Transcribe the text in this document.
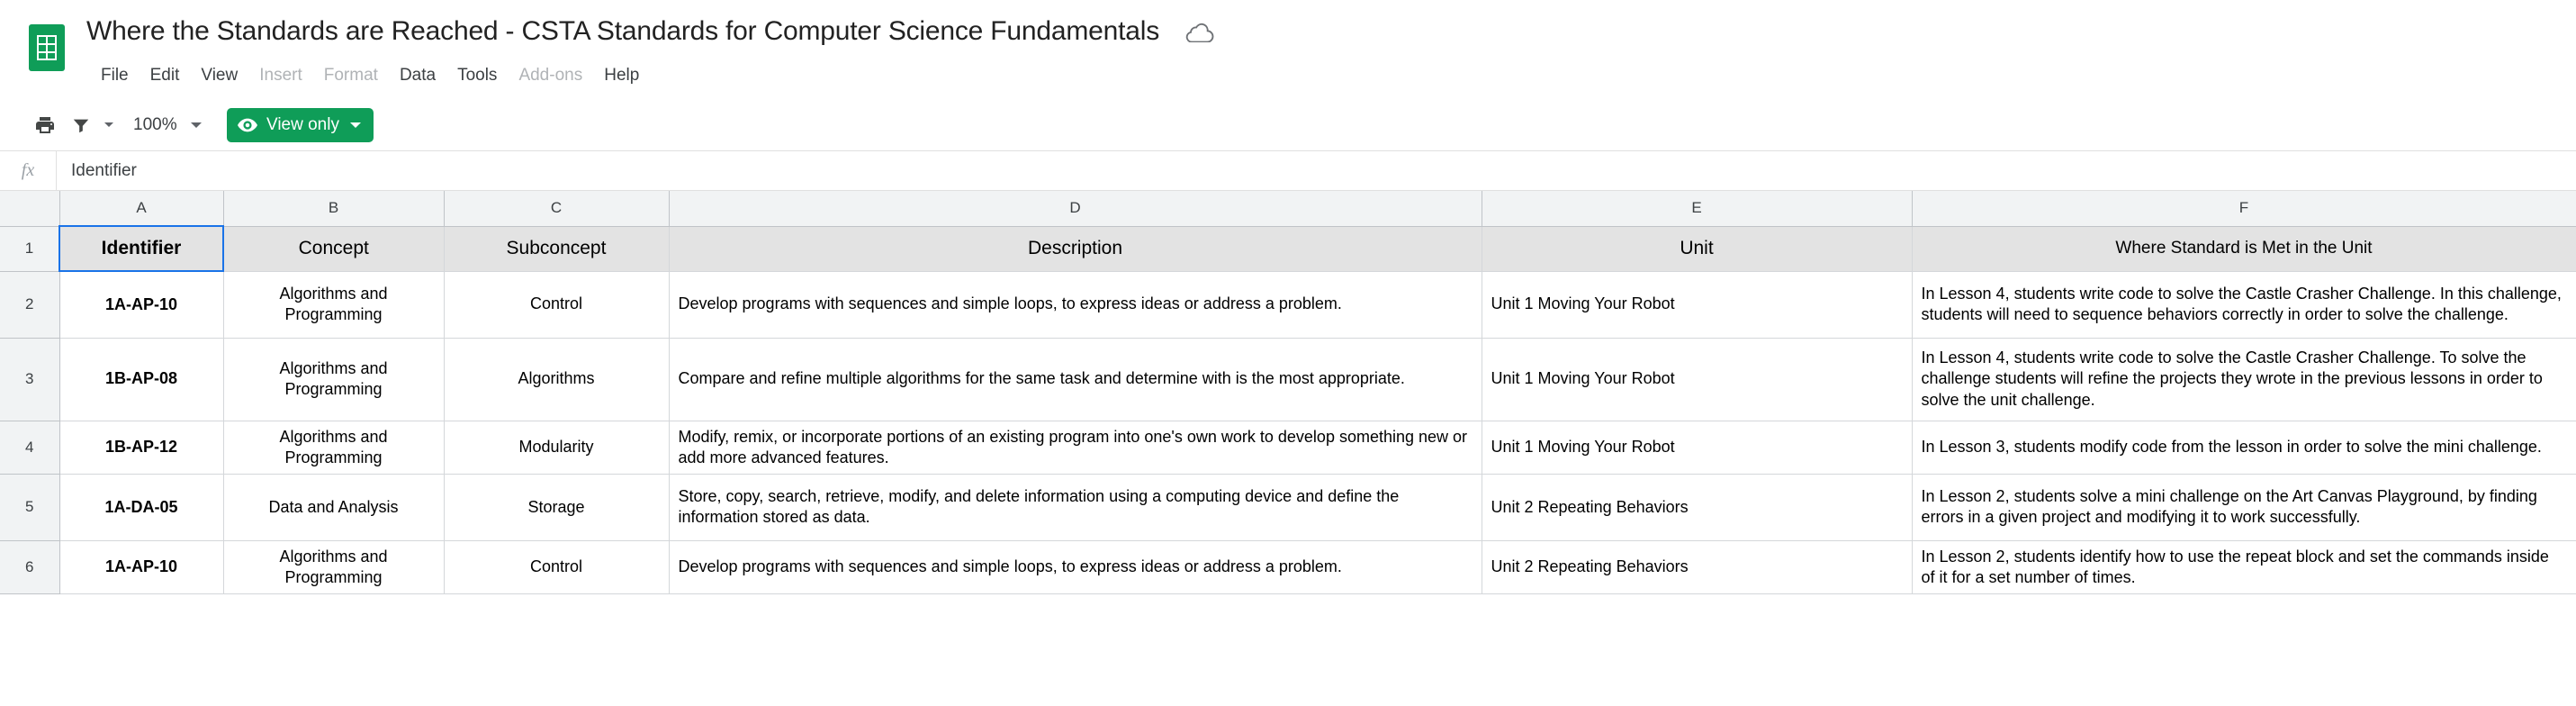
Where the Standards are Reached - CSTA Standards for Computer Science Fundamentals
File	Edit	View	Insert	Format	Data	Tools	Add-ons	Help
100%	View only
fx	Identifier
	A	B	C	D	E	F
1	Identifier	Concept	Subconcept	Description	Unit	Where Standard is Met in the Unit
2	1A-AP-10	Algorithms and Programming	Control	Develop programs with sequences and simple loops, to express ideas or address a problem.	Unit 1 Moving Your Robot	In Lesson 4, students write code to solve the Castle Crasher Challenge. In this challenge, students will need to sequence behaviors correctly in order to solve the challenge.
3	1B-AP-08	Algorithms and Programming	Algorithms	Compare and refine multiple algorithms for the same task and determine with is the most appropriate.	Unit 1 Moving Your Robot	In Lesson 4, students write code to solve the Castle Crasher Challenge. To solve the challenge students will refine the projects they wrote in the previous lessons in order to solve the unit challenge.
4	1B-AP-12	Algorithms and Programming	Modularity	Modify, remix, or incorporate portions of an existing program into one's own work to develop something new or add more advanced features.	Unit 1 Moving Your Robot	In Lesson 3, students modify code from the lesson in order to solve the mini challenge.
5	1A-DA-05	Data and Analysis	Storage	Store, copy, search, retrieve, modify, and delete information using a computing device and define the information stored as data.	Unit 2 Repeating Behaviors	In Lesson 2, students solve a mini challenge on the Art Canvas Playground, by finding errors in a given project and modifying it to work successfully.
6	1A-AP-10	Algorithms and Programming	Control	Develop programs with sequences and simple loops, to express ideas or address a problem.	Unit 2 Repeating Behaviors	In Lesson 2, students identify how to use the repeat block and set the commands inside of it for a set number of times.
